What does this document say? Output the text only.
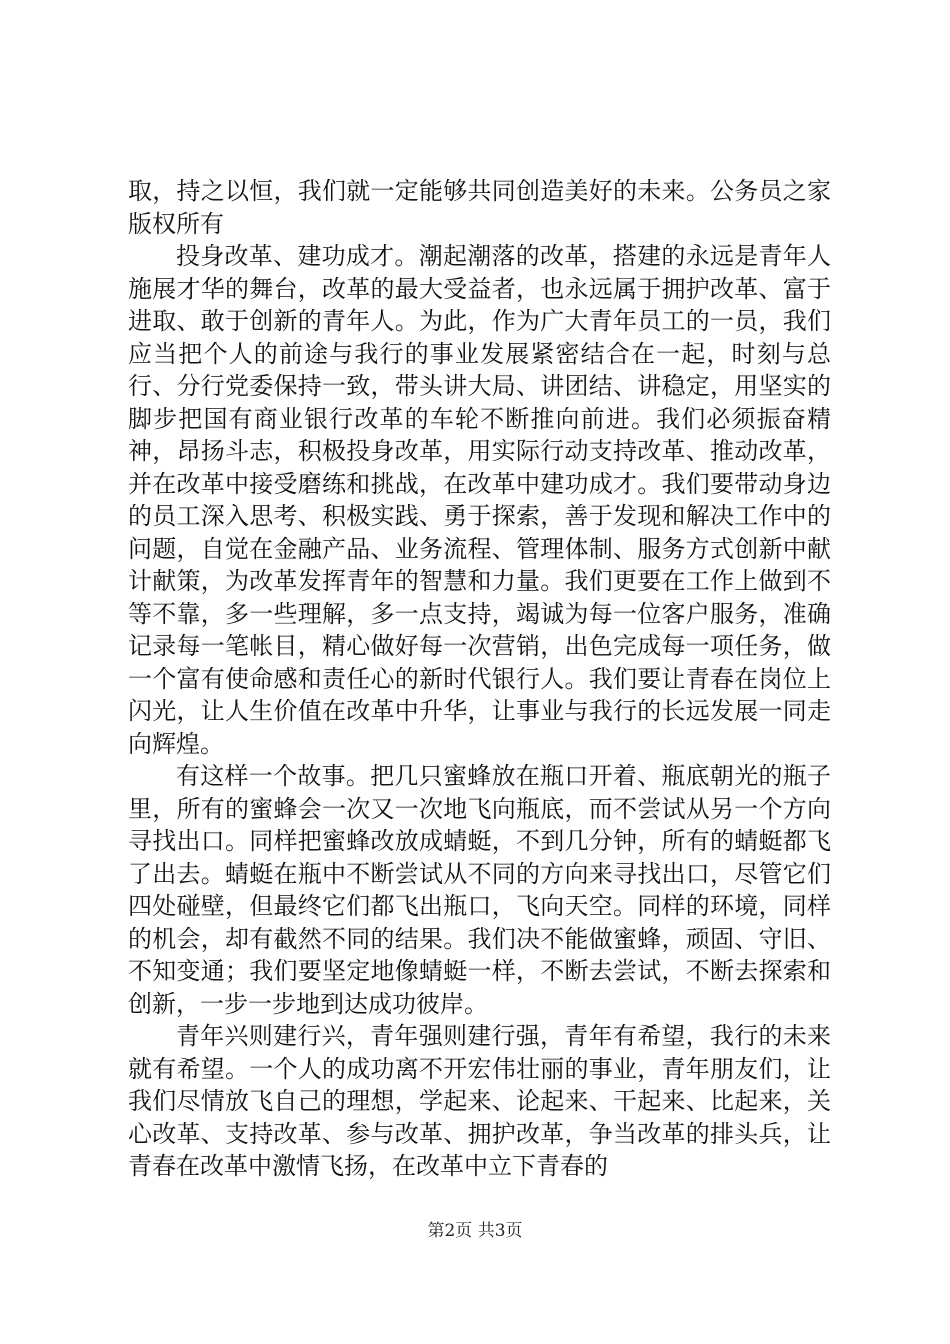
取，持之以恒，我们就一定能够共同创造美好的未来。公务员之家版权所有

投身改革、建功成才。潮起潮落的改革，搭建的永远是青年人施展才华的舞台，改革的最大受益者，也永远属于拥护改革、富于进取、敢于创新的青年人。为此，作为广大青年员工的一员，我们应当把个人的前途与我行的事业发展紧密结合在一起，时刻与总行、分行党委保持一致，带头讲大局、讲团结、讲稳定，用坚实的脚步把国有商业银行改革的车轮不断推向前进。我们必须振奋精神，昂扬斗志，积极投身改革，用实际行动支持改革、推动改革，并在改革中接受磨练和挑战，在改革中建功成才。我们要带动身边的员工深入思考、积极实践、勇于探索，善于发现和解决工作中的问题，自觉在金融产品、业务流程、管理体制、服务方式创新中献计献策，为改革发挥青年的智慧和力量。我们更要在工作上做到不等不靠，多一些理解，多一点支持，竭诚为每一位客户服务，准确记录每一笔帐目，精心做好每一次营销，出色完成每一项任务，做一个富有使命感和责任心的新时代银行人。我们要让青春在岗位上闪光，让人生价值在改革中升华，让事业与我行的长远发展一同走向辉煌。

有这样一个故事。把几只蜜蜂放在瓶口开着、瓶底朝光的瓶子里，所有的蜜蜂会一次又一次地飞向瓶底，而不尝试从另一个方向寻找出口。同样把蜜蜂改放成蜻蜓，不到几分钟，所有的蜻蜓都飞了出去。蜻蜓在瓶中不断尝试从不同的方向来寻找出口，尽管它们四处碰壁，但最终它们都飞出瓶口，飞向天空。同样的环境，同样的机会，却有截然不同的结果。我们决不能做蜜蜂，顽固、守旧、不知变通；我们要坚定地像蜻蜓一样，不断去尝试，不断去探索和创新，一步一步地到达成功彼岸。

青年兴则建行兴，青年强则建行强，青年有希望，我行的未来就有希望。一个人的成功离不开宏伟壮丽的事业，青年朋友们，让我们尽情放飞自己的理想，学起来、论起来、干起来、比起来，关心改革、支持改革、参与改革、拥护改革，争当改革的排头兵，让青春在改革中激情飞扬，在改革中立下青春的

第2页 共3页
